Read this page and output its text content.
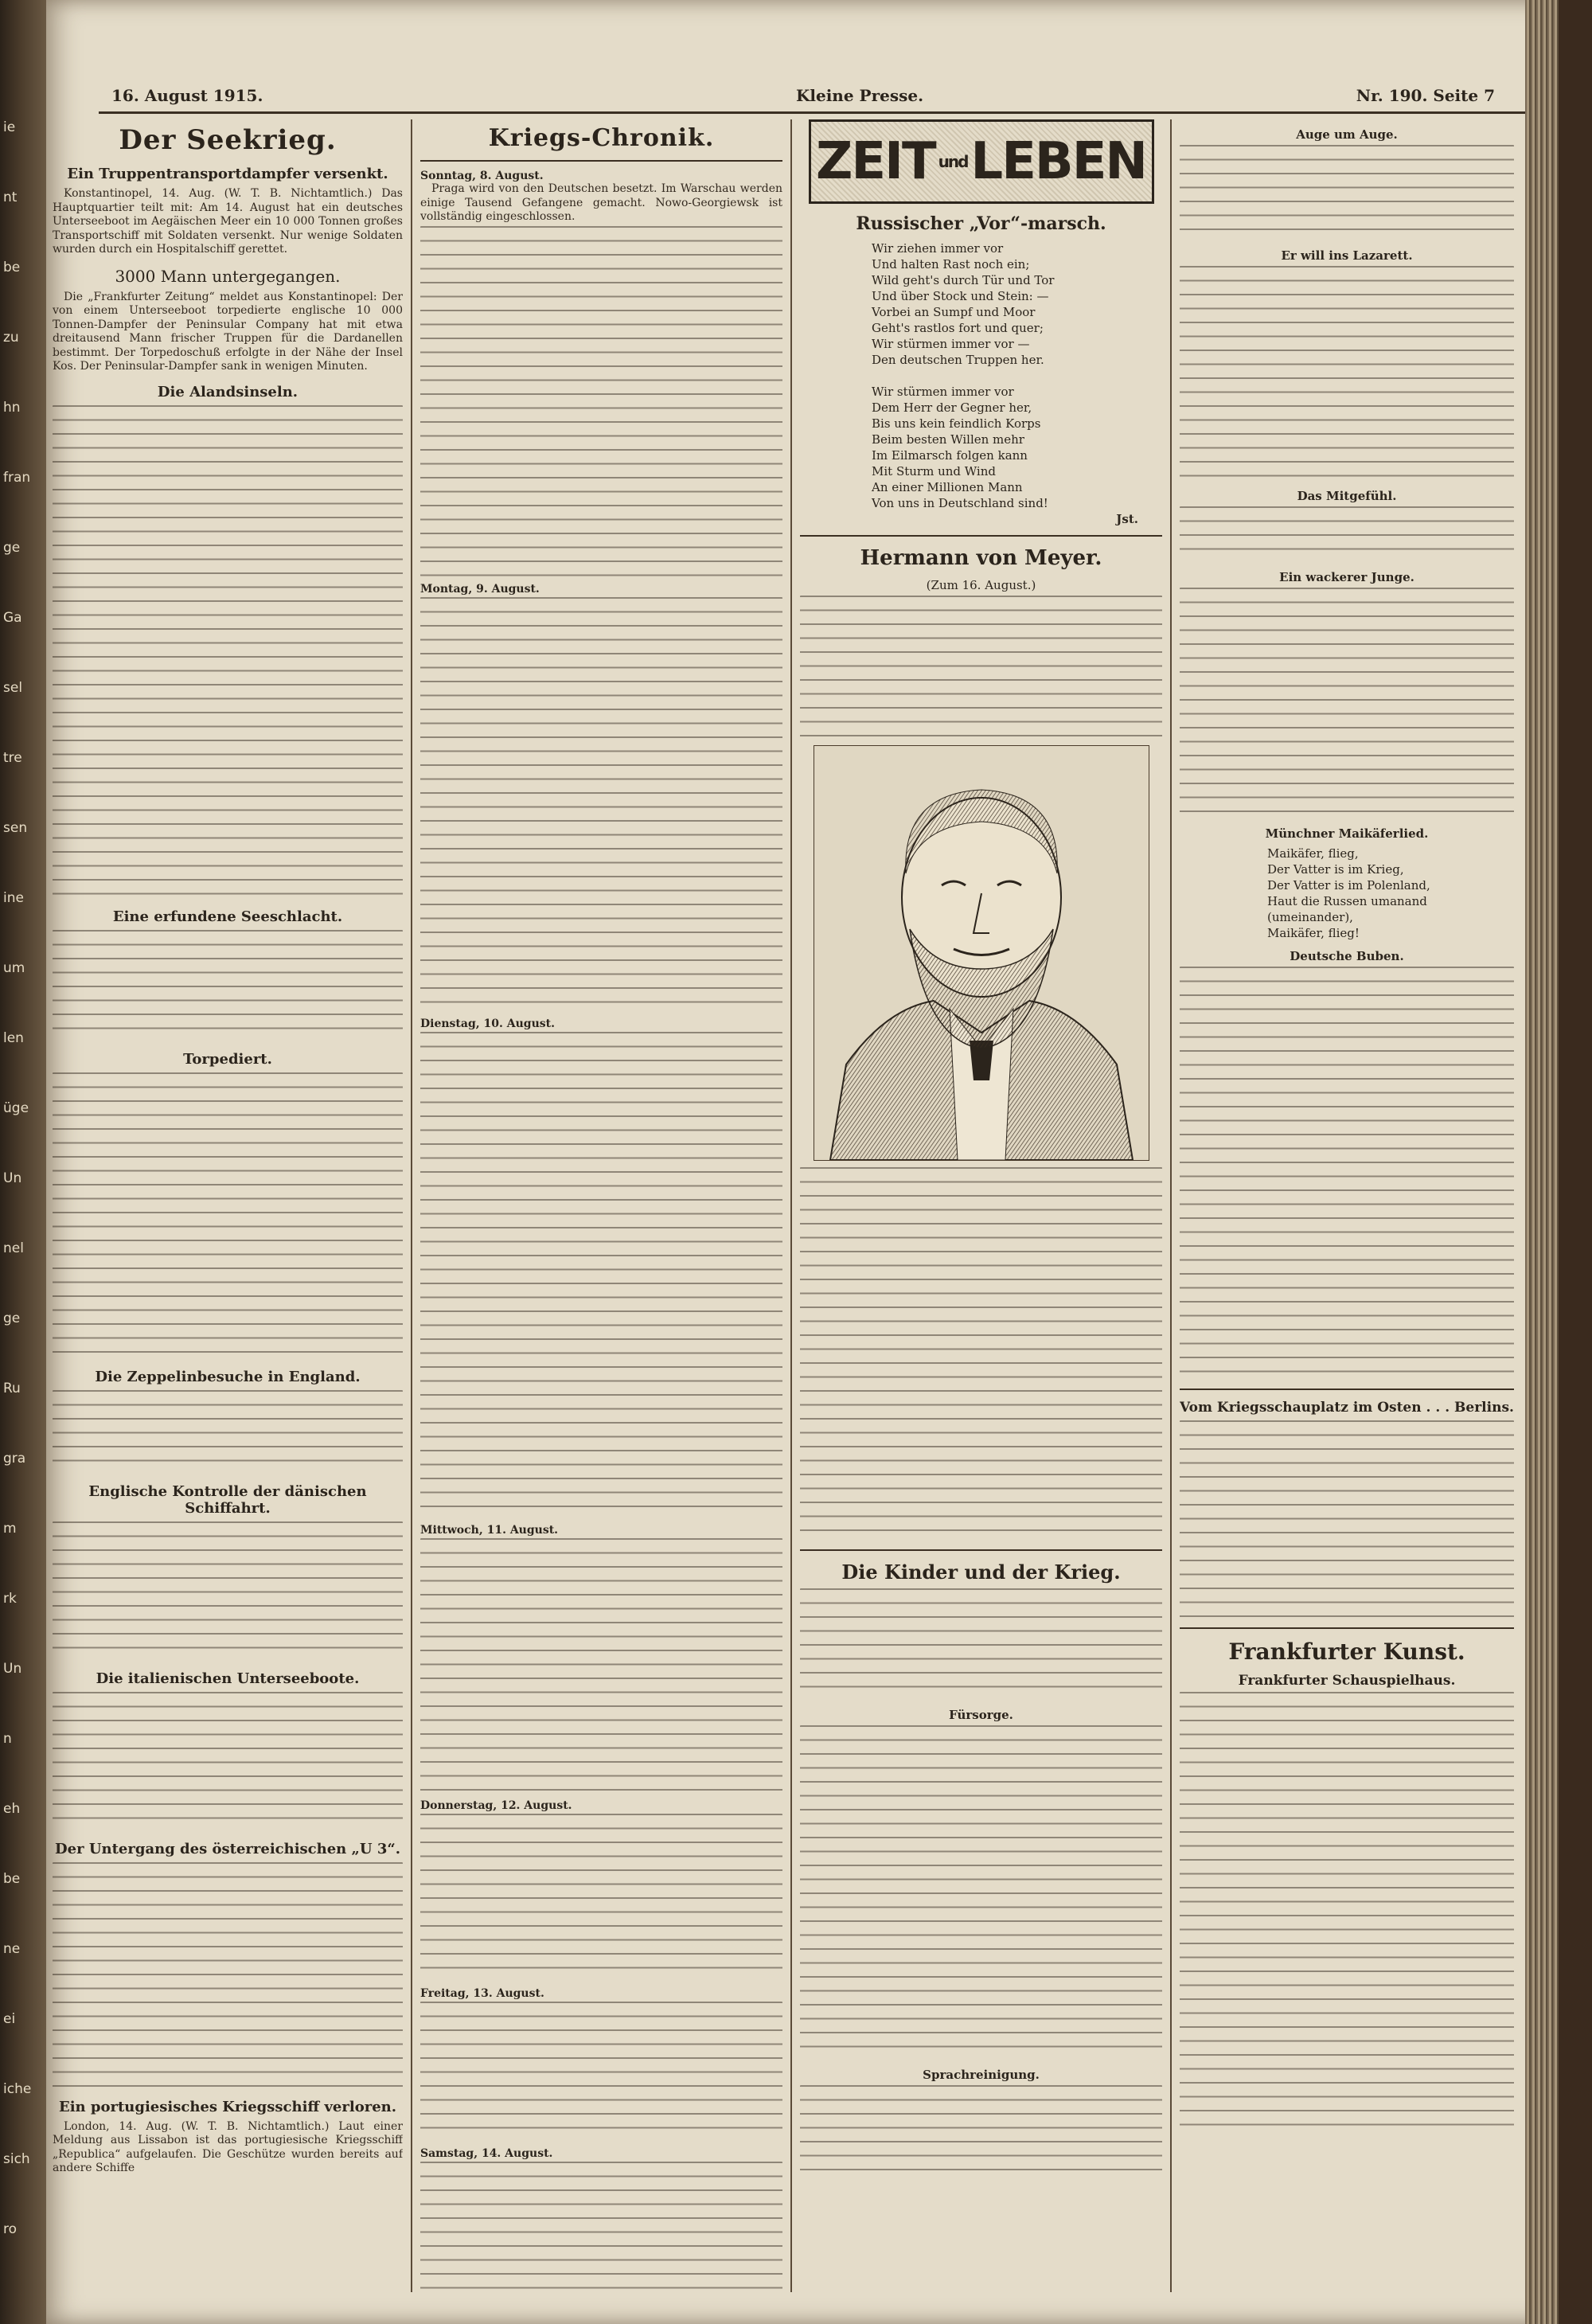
ie
nt
be
zu
hn
fran
ge
Ga
sel
tre
sen
ine
um
len
üge
Un
nel
ge
Ru
gra
m
rk
Un
n
eh
be
ne
ei
iche
sich
ro
16. August 1915.	Kleine Presse.	Nr. 190. Seite 7
Der Seekrieg.
Ein Truppentransportdampfer versenkt.

Konstantinopel, 14. Aug. (W. T. B. Nichtamtlich.) Das Hauptquartier teilt mit: Am 14. August hat ein deutsches Unterseeboot im Aegäischen Meer ein 10 000 Tonnen großes Transportschiff mit Soldaten versenkt. Nur wenige Soldaten wurden durch ein Hospitalschiff gerettet.

3000 Mann untergegangen.

Die „Frankfurter Zeitung“ meldet aus Konstantinopel: Der von einem Unterseeboot torpedierte englische 10 000 Tonnen-Dampfer der Peninsular Company hat mit etwa dreitausend Mann frischer Truppen für die Dardanellen bestimmt. Der Torpedoschuß erfolgte in der Nähe der Insel Kos. Der Peninsular-Dampfer sank in wenigen Minuten.

Die Alandsinseln.
Eine erfundene Seeschlacht.
Torpediert.
Die Zeppelinbesuche in England.
Englische Kontrolle der dänischen Schiffahrt.
Die italienischen Unterseeboote.
Der Untergang des österreichischen „U 3“.
Ein portugiesisches Kriegsschiff verloren.

London, 14. Aug. (W. T. B. Nichtamtlich.) Laut einer Meldung aus Lissabon ist das portugiesische Kriegsschiff „Republica“ aufgelaufen. Die Geschütze wurden bereits auf andere Schiffe

Kriegs-Chronik.
Sonntag, 8. August.

Praga wird von den Deutschen besetzt. Im Warschau werden einige Tausend Gefangene gemacht. Nowo-Georgiewsk ist vollständig eingeschlossen.

Montag, 9. August.
Dienstag, 10. August.
Mittwoch, 11. August.
Donnerstag, 12. August.
Freitag, 13. August.
Samstag, 14. August.
ZEIT und LEBEN
Russischer „Vor“-marsch.
Wir ziehen immer vor
Und halten Rast noch ein;
Wild geht's durch Tür und Tor
Und über Stock und Stein: —
Vorbei an Sumpf und Moor
Geht's rastlos fort und quer;
Wir stürmen immer vor —
Den deutschen Truppen her.

Wir stürmen immer vor
Dem Herr der Gegner her,
Bis uns kein feindlich Korps
Beim besten Willen mehr
Im Eilmarsch folgen kann
Mit Sturm und Wind
An einer Millionen Mann
Von uns in Deutschland sind!
Jst.
Hermann von Meyer.
(Zum 16. August.)
Die Kinder und der Krieg.
Fürsorge.
Sprachreinigung.
Auge um Auge.
Er will ins Lazarett.
Das Mitgefühl.
Ein wackerer Junge.
Münchner Maikäferlied.
Maikäfer, flieg,
Der Vatter is im Krieg,
Der Vatter is im Polenland,
Haut die Russen umanand (umeinander),
Maikäfer, flieg!
Deutsche Buben.
Vom Kriegsschauplatz im Osten . . . Berlins.
Frankfurter Kunst.
Frankfurter Schauspielhaus.
